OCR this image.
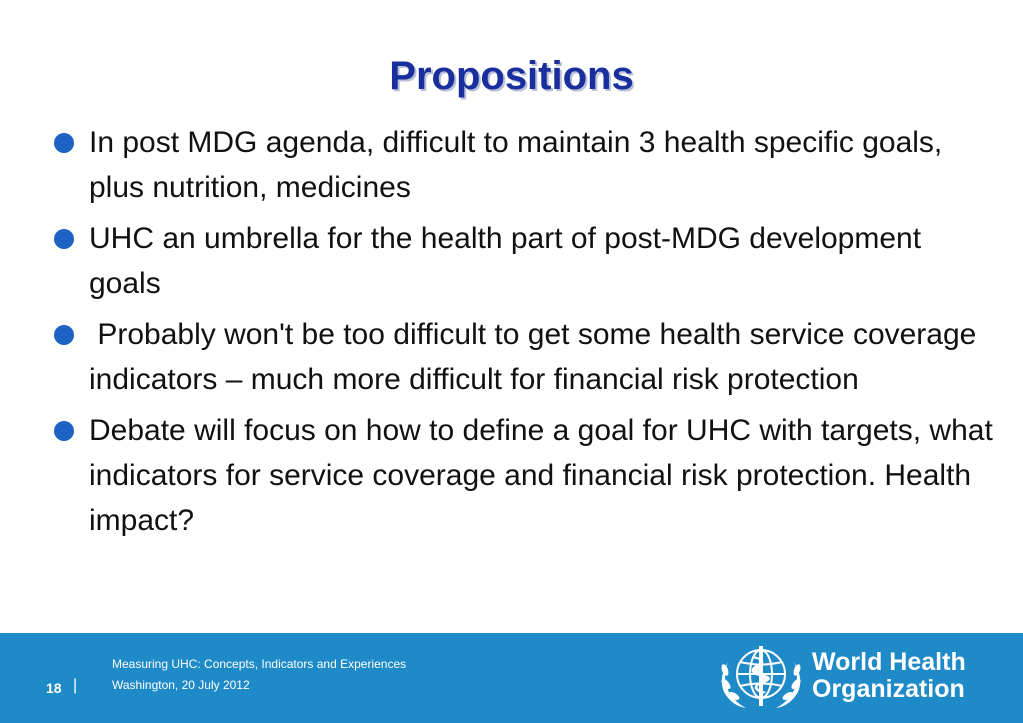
Propositions
In post MDG agenda, difficult to maintain 3 health specific goals, plus nutrition, medicines
UHC an umbrella for the health part of post-MDG development goals
Probably won't be too difficult to get some health service coverage indicators – much more difficult for financial risk protection
Debate will focus on how to define a goal for UHC with targets, what indicators for service coverage and financial risk protection. Health impact?
18 |
Measuring UHC: Concepts, Indicators and Experiences
Washington, 20 July 2012
World Health
Organization
